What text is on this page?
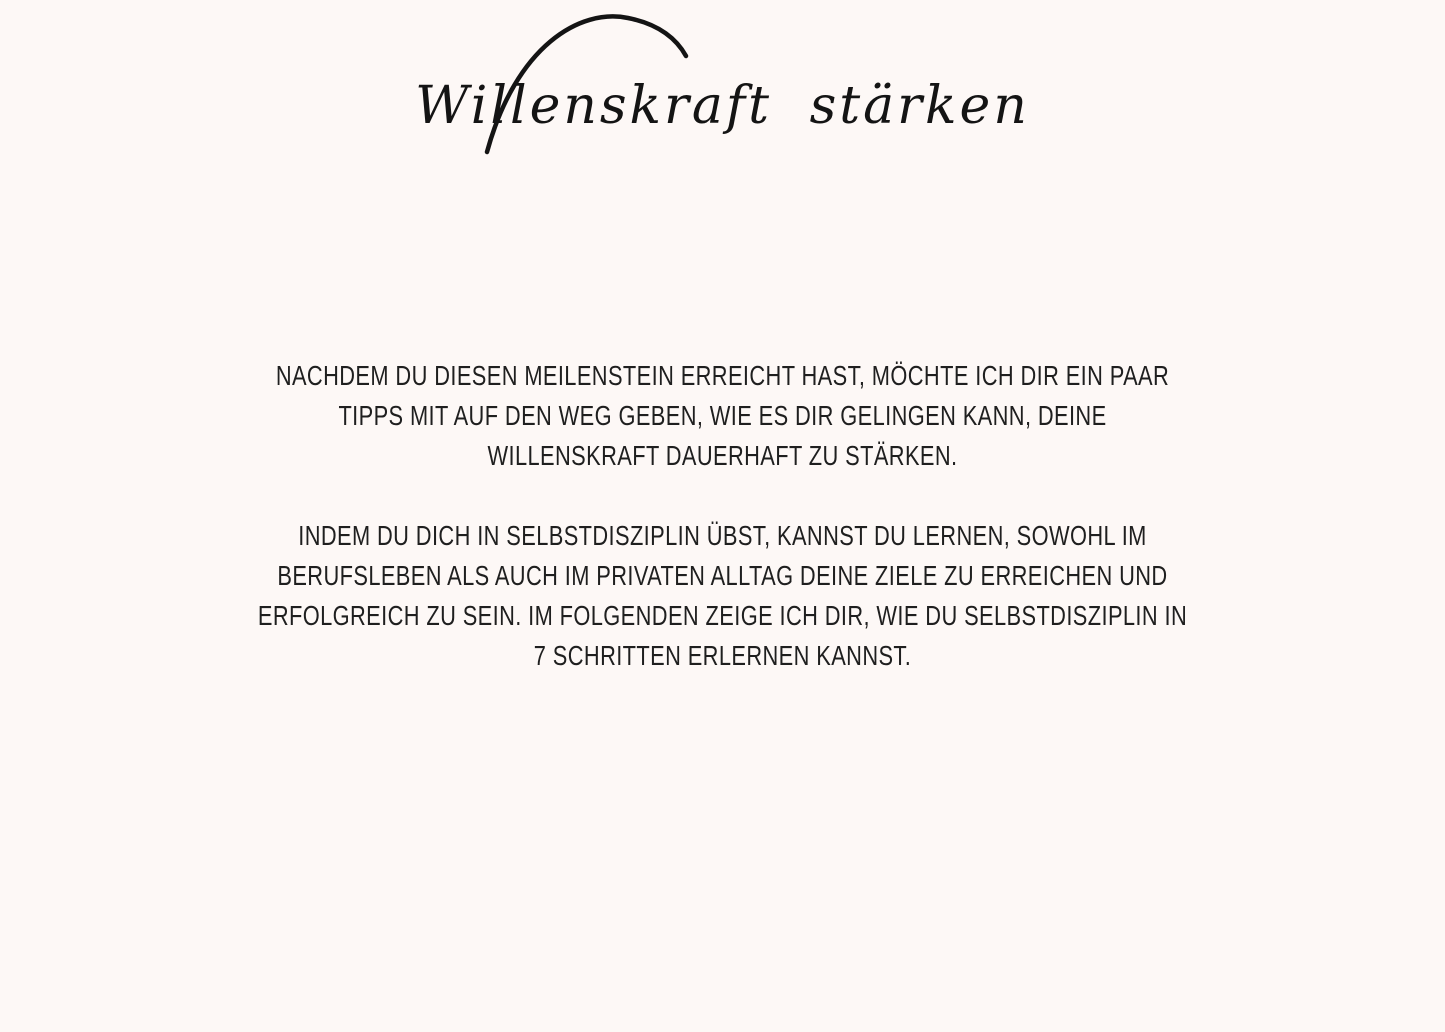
Willenskraft stärken
NACHDEM DU DIESEN MEILENSTEIN ERREICHT HAST, MÖCHTE ICH DIR EIN PAAR
TIPPS MIT AUF DEN WEG GEBEN, WIE ES DIR GELINGEN KANN, DEINE
WILLENSKRAFT DAUERHAFT ZU STÄRKEN.
INDEM DU DICH IN SELBSTDISZIPLIN ÜBST, KANNST DU LERNEN, SOWOHL IM
BERUFSLEBEN ALS AUCH IM PRIVATEN ALLTAG DEINE ZIELE ZU ERREICHEN UND
ERFOLGREICH ZU SEIN. IM FOLGENDEN ZEIGE ICH DIR, WIE DU SELBSTDISZIPLIN IN
7 SCHRITTEN ERLERNEN KANNST.
